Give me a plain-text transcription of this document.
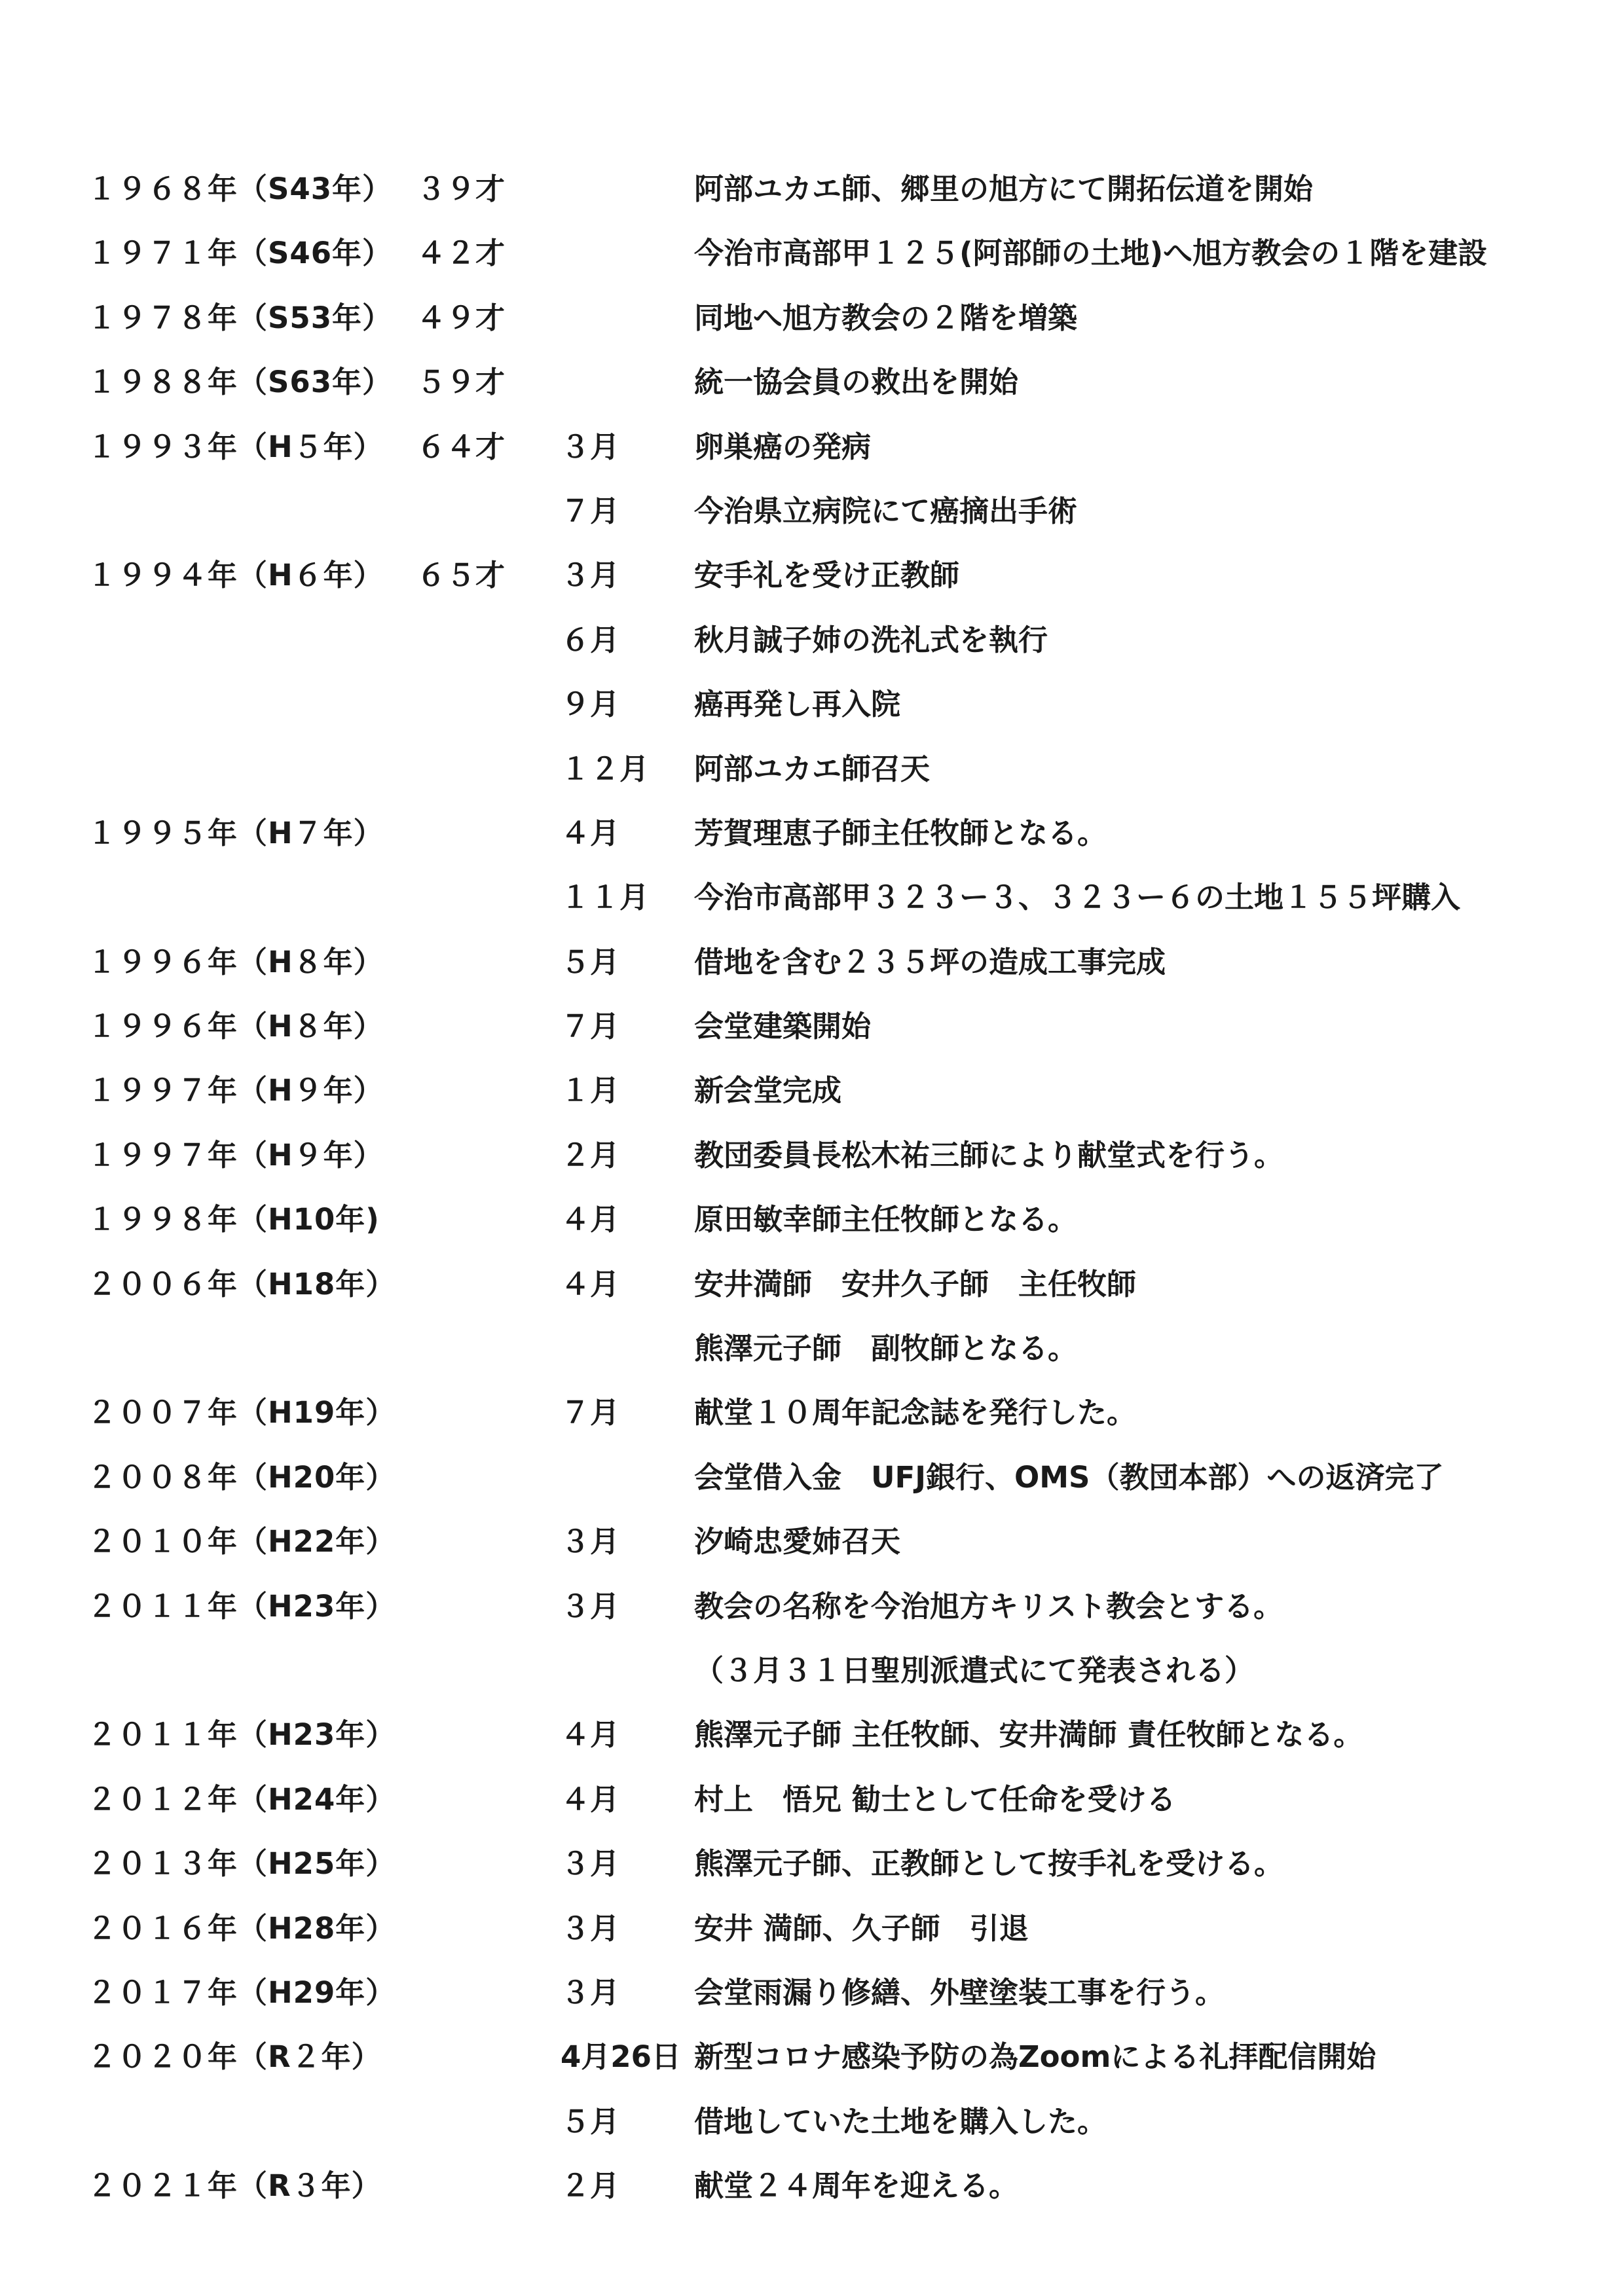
１９６８年（S43年） ３９才	阿部ユカエ師、郷里の旭方にて開拓伝道を開始
１９７１年（S46年） ４２才	今治市高部甲１２５(阿部師の土地)へ旭方教会の１階を建設
１９７８年（S53年） ４９才	同地へ旭方教会の２階を増築
１９８８年（S63年） ５９才	統一協会員の救出を開始
１９９３年（H５年） ６４才 ３月	卵巣癌の発病
７月	今治県立病院にて癌摘出手術
１９９４年（H６年） ６５才 ３月	安手礼を受け正教師
６月	秋月誠子姉の洗礼式を執行
９月	癌再発し再入院
１２月 阿部ユカエ師召天
１９９５年（H７年）	４月	芳賀理恵子師主任牧師となる。
１１月 今治市高部甲３２３ー３、３２３ー６の土地１５５坪購入
１９９６年（H８年）	５月	借地を含む２３５坪の造成工事完成
１９９６年（H８年）	７月	会堂建築開始
１９９７年（H９年）	１月	新会堂完成
１９９７年（H９年）	２月	教団委員長松木祐三師により献堂式を行う。
１９９８年（H10年)	４月	原田敏幸師主任牧師となる。
２００６年（H18年）	４月	安井満師　安井久子師　主任牧師
熊澤元子師　副牧師となる。
２００７年（H19年）	７月	献堂１０周年記念誌を発行した。
２００８年（H20年）	会堂借入金　UFJ銀行、OMS（教団本部）への返済完了
２０１０年（H22年）	３月	汐崎忠愛姉召天
２０１１年（H23年）	３月	教会の名称を今治旭方キリスト教会とする。
（３月３１日聖別派遣式にて発表される）
２０１１年（H23年）	４月	熊澤元子師 主任牧師、安井満師 責任牧師となる。
２０１２年（H24年）	４月	村上　悟兄 勧士として任命を受ける
２０１３年（H25年）	３月	熊澤元子師、正教師として按手礼を受ける。
２０１６年（H28年）	３月	安井 満師、久子師　引退
２０１７年（H29年）	３月	会堂雨漏り修繕、外壁塗装工事を行う。
２０２０年（R２年）	4月26日 新型コロナ感染予防の為Zoomによる礼拝配信開始
５月	借地していた土地を購入した。
２０２１年（R３年）	２月	献堂２４周年を迎える。
